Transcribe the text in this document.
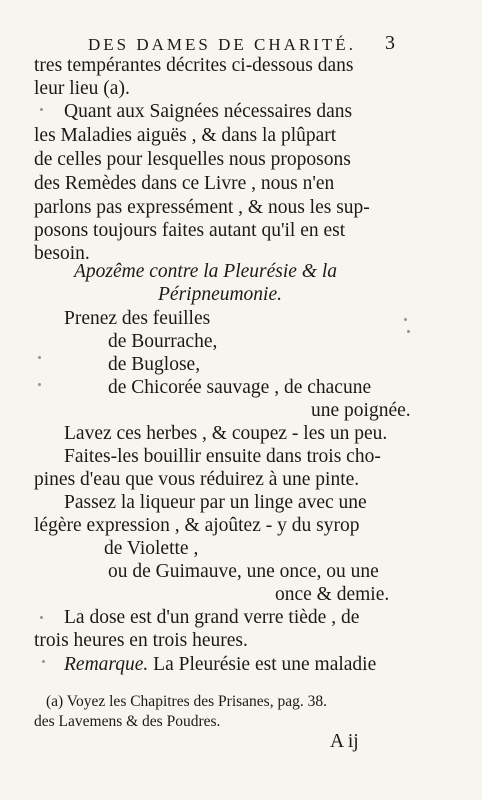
DES DAMES DE CHARITÉ. 3
tres tempérantes décrites ci-dessous dans
leur lieu (a).
Quant aux Saignées nécessaires dans
les Maladies aiguës , & dans la plûpart
de celles pour lesquelles nous proposons
des Remèdes dans ce Livre , nous n'en
parlons pas expressément , & nous les sup-
posons toujours faites autant qu'il en est
besoin.
Apozême contre la Pleurésie & la
Péripneumonie.
Prenez des feuilles
de Bourrache,
de Buglose,
de Chicorée sauvage , de chacune
une poignée.
Lavez ces herbes , & coupez - les un peu.
Faites-les bouillir ensuite dans trois cho-
pines d'eau que vous réduirez à une pinte.
Passez la liqueur par un linge avec une
légère expression , & ajoûtez - y du syrop
de Violette ,
ou de Guimauve, une once, ou une
once & demie.
La dose est d'un grand verre tiède , de
trois heures en trois heures.
Remarque. La Pleurésie est une maladie
(a) Voyez les Chapitres des Prisanes, pag. 38.
des Lavemens & des Poudres.
A ij
